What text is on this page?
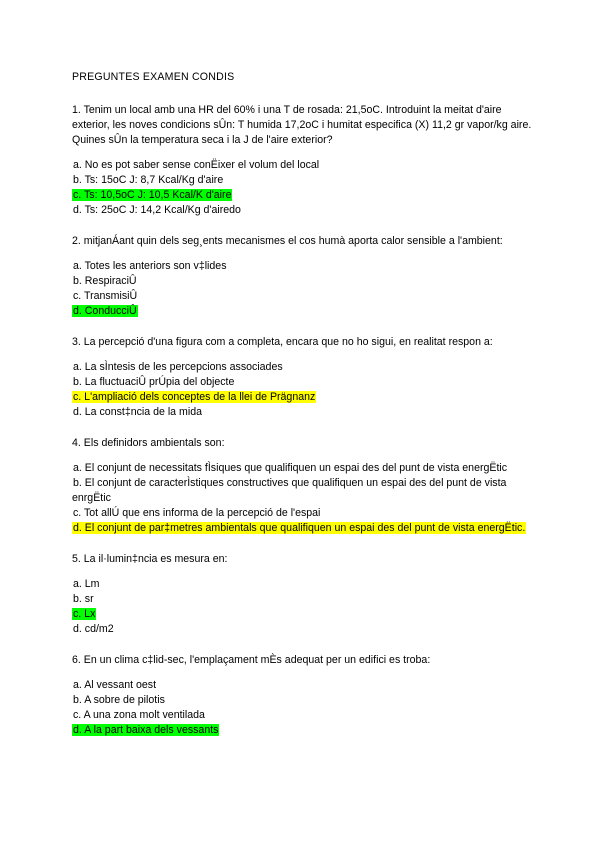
PREGUNTES EXAMEN CONDIS

1. Tenim un local amb una HR del 60% i una T de rosada: 21,5oC. Introduint la meitat d'aire exterior, les noves condicions sÛn: T humida 17,2oC i humitat especifica (X) 11,2 gr vapor/kg aire. Quines sÛn la temperatura seca i la J de l'aire exterior?

a. No es pot saber sense conËixer el volum del local

b. Ts: 15oC J: 8,7 Kcal/Kg d'aire

c. Ts: 10,5oC J: 10,5 Kcal/K d'aire

d. Ts: 25oC J: 14,2 Kcal/Kg d'airedo

2. mitjanÁant quin dels seg¸ents mecanismes el cos humà aporta calor sensible a l'ambient:

a. Totes les anteriors son v‡lides

b. RespiraciÛ

c. TransmisiÛ

d. ConducciÛ

3. La percepció d'una figura com a completa, encara que no ho sigui, en realitat respon a:

a. La sÌntesis de les percepcions associades

b. La fluctuaciÛ prÚpia del objecte

c. L'ampliació dels conceptes de la llei de Prägnanz

d. La const‡ncia de la mida

4. Els definidors ambientals son:

a. El conjunt de necessitats fÌsiques que qualifiquen un espai des del punt de vista energËtic

b. El conjunt de caracterÌstiques constructives que qualifiquen un espai des del punt de vista enrgËtic

c. Tot allÚ que ens informa de la percepció de l'espai

d. El conjunt de par‡metres ambientals que qualifiquen un espai des del punt de vista energËtic.

5. La il·lumin‡ncia es mesura en:

a. Lm

b. sr

c. Lx

d. cd/m2

6. En un clima c‡lid-sec, l'emplaçament mÈs adequat per un edifici es troba:

a. Al vessant oest

b. A sobre de pilotis

c. A una zona molt ventilada

d. A la part baixa dels vessants
